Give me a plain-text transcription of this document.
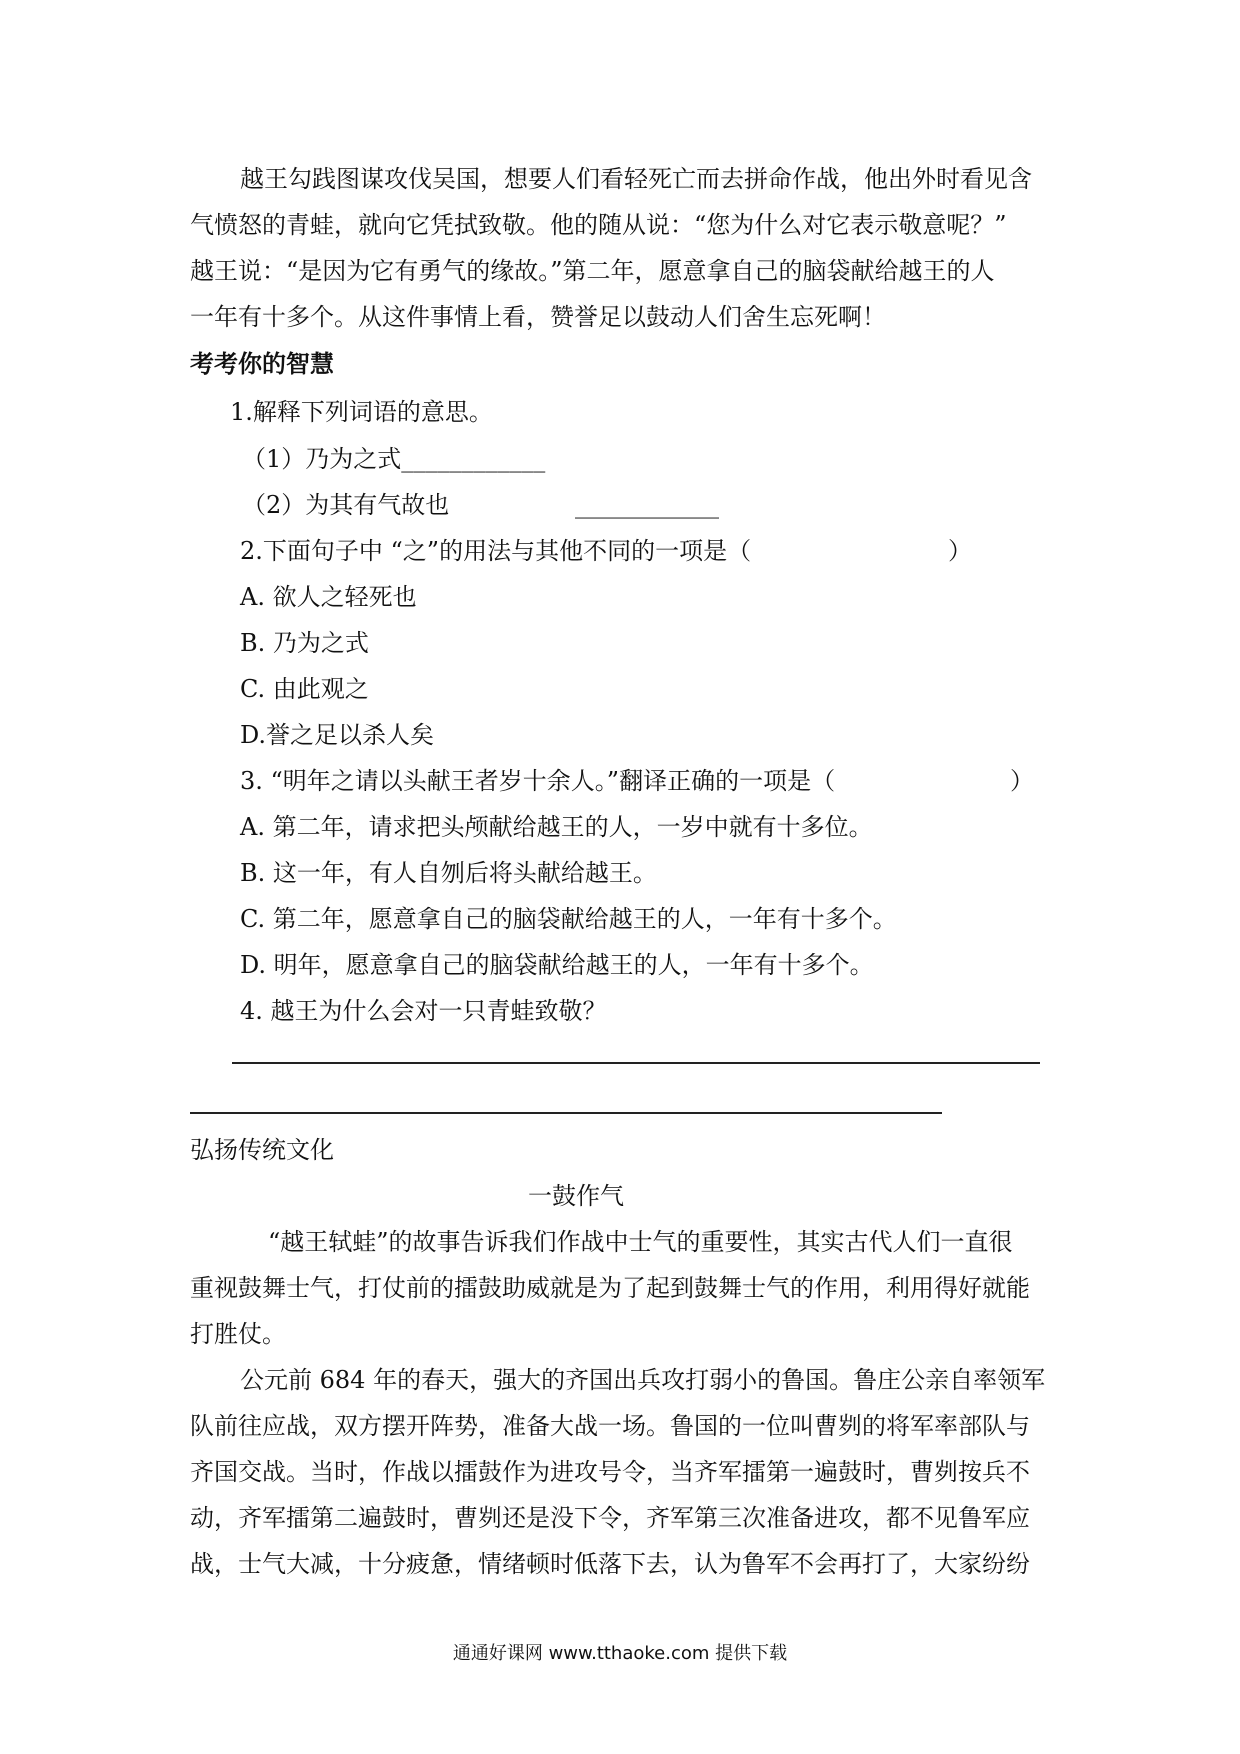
越王勾践图谋攻伐吴国，想要人们看轻死亡而去拼命作战，他出外时看见含

气愤怒的青蛙，就向它凭拭致敬。他的随从说：“您为什么对它表示敬意呢？”

越王说：“是因为它有勇气的缘故。”第二年，愿意拿自己的脑袋献给越王的人

一年有十多个。从这件事情上看，赞誉足以鼓动人们舍生忘死啊！

考考你的智慧

1.解释下列词语的意思。

（1）乃为之式____________

（2）为其有气故也	____________

2.下面句子中 “之”的用法与其他不同的一项是（	）

A. 欲人之轻死也

B. 乃为之式

C. 由此观之

D.誉之足以杀人矣

3. “明年之请以头献王者岁十余人。”翻译正确的一项是（	）

A. 第二年，请求把头颅献给越王的人，一岁中就有十多位。

B. 这一年，有人自刎后将头献给越王。

C. 第二年，愿意拿自己的脑袋献给越王的人，一年有十多个。

D. 明年，愿意拿自己的脑袋献给越王的人，一年有十多个。

4. 越王为什么会对一只青蛙致敬？

弘扬传统文化

一鼓作气

“越王轼蛙”的故事告诉我们作战中士气的重要性，其实古代人们一直很

重视鼓舞士气，打仗前的擂鼓助威就是为了起到鼓舞士气的作用，利用得好就能

打胜仗。

公元前 684 年的春天，强大的齐国出兵攻打弱小的鲁国。鲁庄公亲自率领军

队前往应战，双方摆开阵势，准备大战一场。鲁国的一位叫曹刿的将军率部队与

齐国交战。当时，作战以擂鼓作为进攻号令，当齐军擂第一遍鼓时，曹刿按兵不

动，齐军擂第二遍鼓时，曹刿还是没下令，齐军第三次准备进攻，都不见鲁军应

战，士气大减，十分疲惫，情绪顿时低落下去，认为鲁军不会再打了，大家纷纷

通通好课网 www.tthaoke.com 提供下载
